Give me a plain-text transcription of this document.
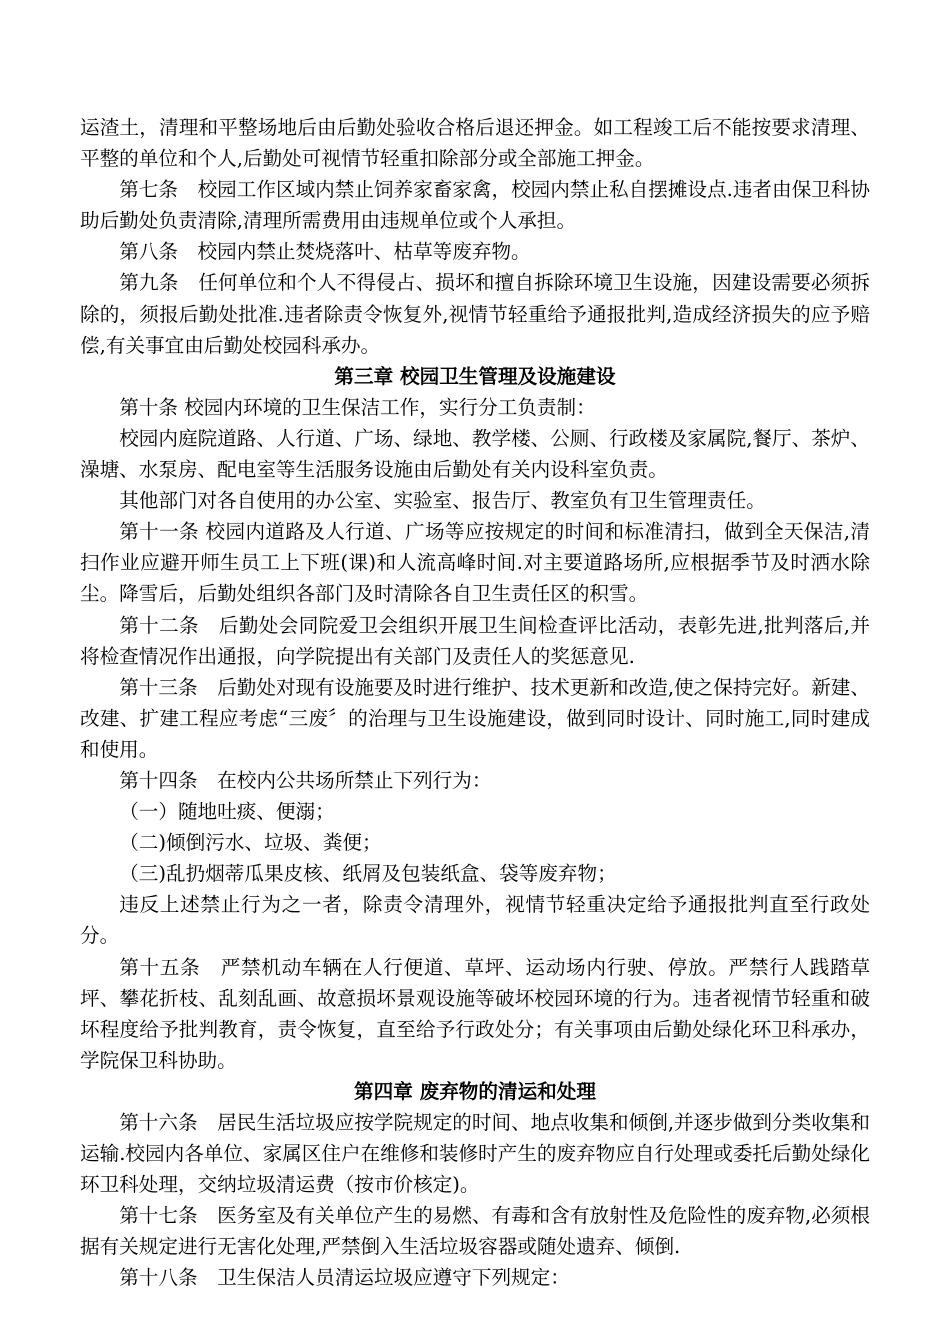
运渣土，清理和平整场地后由后勤处验收合格后退还押金。如工程竣工后不能按要求清理、平整的单位和个人,后勤处可视情节轻重扣除部分或全部施工押金。

第七条　校园工作区域内禁止饲养家畜家禽，校园内禁止私自摆摊设点.违者由保卫科协助后勤处负责清除,清理所需费用由违规单位或个人承担。

第八条　校园内禁止焚烧落叶、枯草等废弃物。

第九条　任何单位和个人不得侵占、损坏和擅自拆除环境卫生设施，因建设需要必须拆除的，须报后勤处批准.违者除责令恢复外,视情节轻重给予通报批判,造成经济损失的应予赔偿,有关事宜由后勤处校园科承办。

第三章 校园卫生管理及设施建设

第十条 校园内环境的卫生保洁工作，实行分工负责制：

校园内庭院道路、人行道、广场、绿地、教学楼、公厕、行政楼及家属院,餐厅、茶炉、澡塘、水泵房、配电室等生活服务设施由后勤处有关内设科室负责。

其他部门对各自使用的办公室、实验室、报告厅、教室负有卫生管理责任。

第十一条 校园内道路及人行道、广场等应按规定的时间和标准清扫，做到全天保洁,清扫作业应避开师生员工上下班(课)和人流高峰时间.对主要道路场所,应根据季节及时洒水除尘。降雪后，后勤处组织各部门及时清除各自卫生责任区的积雪。

第十二条　后勤处会同院爱卫会组织开展卫生间检查评比活动，表彰先进,批判落后,并将检查情况作出通报，向学院提出有关部门及责任人的奖惩意见.

第十三条　后勤处对现有设施要及时进行维护、技术更新和改造,使之保持完好。新建、改建、扩建工程应考虑“三废〞的治理与卫生设施建设，做到同时设计、同时施工,同时建成和使用。

第十四条　在校内公共场所禁止下列行为：

（一）随地吐痰、便溺；

（二)倾倒污水、垃圾、粪便；

（三)乱扔烟蒂瓜果皮核、纸屑及包装纸盒、袋等废弃物；

违反上述禁止行为之一者，除责令清理外，视情节轻重决定给予通报批判直至行政处分。

第十五条　严禁机动车辆在人行便道、草坪、运动场内行驶、停放。严禁行人践踏草坪、攀花折枝、乱刻乱画、故意损坏景观设施等破坏校园环境的行为。违者视情节轻重和破坏程度给予批判教育，责令恢复，直至给予行政处分；有关事项由后勤处绿化环卫科承办，学院保卫科协助。

第四章 废弃物的清运和处理

第十六条　居民生活垃圾应按学院规定的时间、地点收集和倾倒,并逐步做到分类收集和运输.校园内各单位、家属区住户在维修和装修时产生的废弃物应自行处理或委托后勤处绿化环卫科处理，交纳垃圾清运费（按市价核定)。

第十七条　医务室及有关单位产生的易燃、有毒和含有放射性及危险性的废弃物,必须根据有关规定进行无害化处理,严禁倒入生活垃圾容器或随处遗弃、倾倒.

第十八条　卫生保洁人员清运垃圾应遵守下列规定：
